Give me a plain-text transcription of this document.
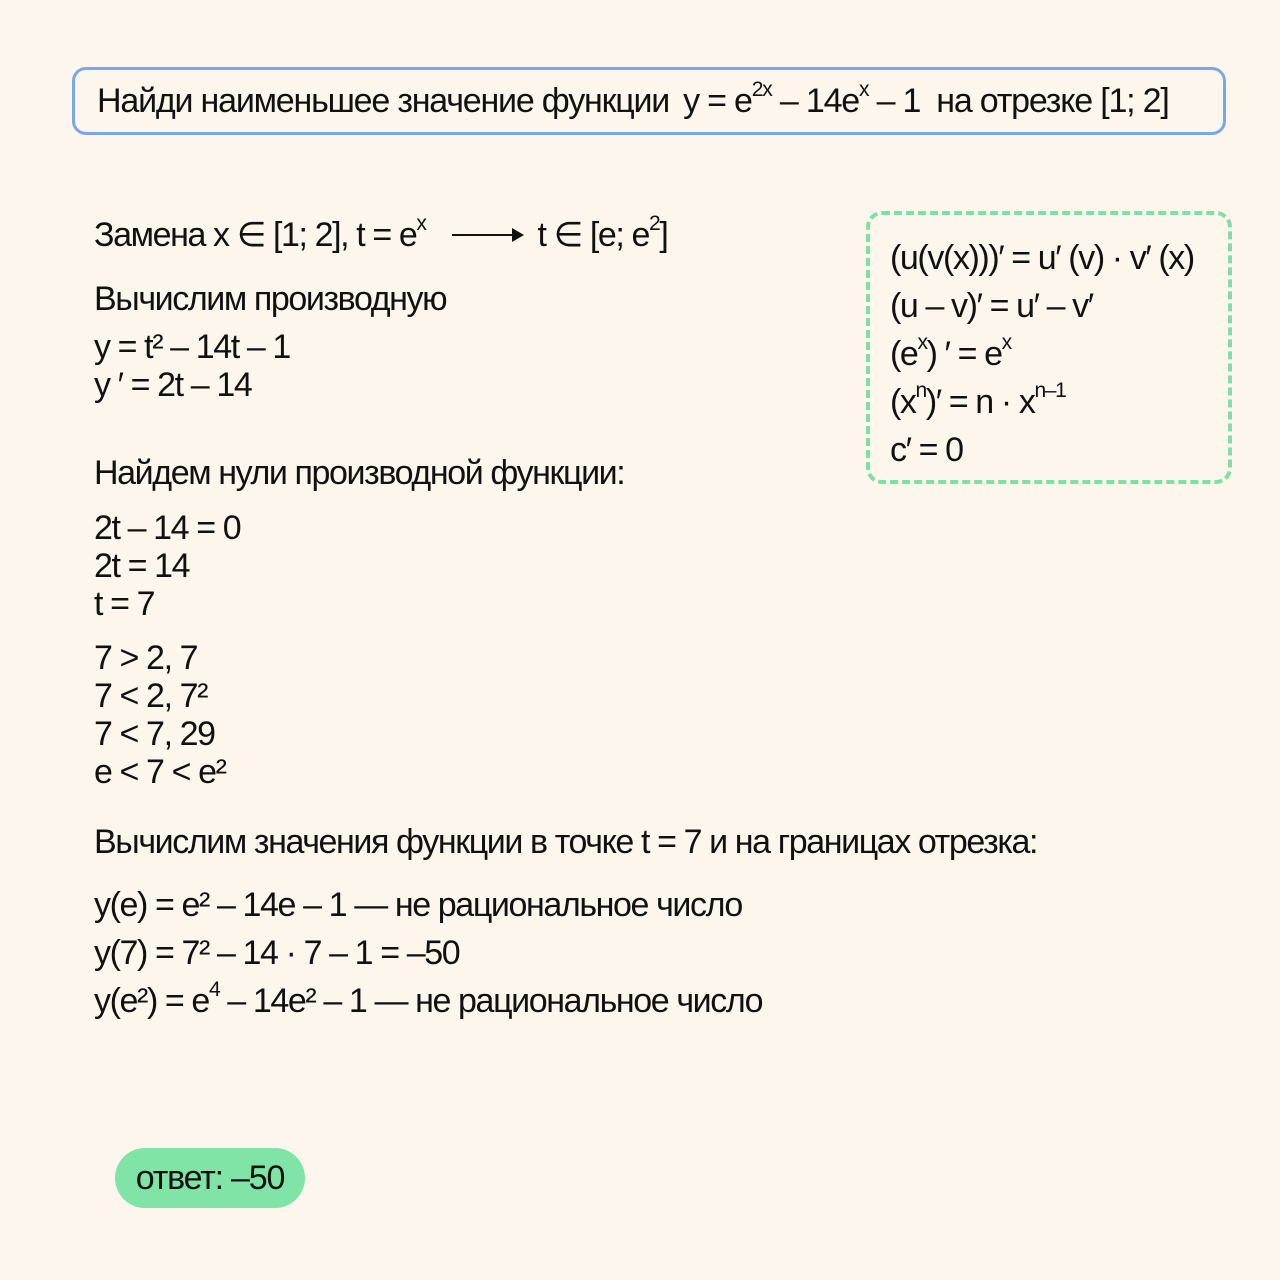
Найди наименьшее значение функции $y = e^{2x} - 14e^x - 1$ на отрезке [1; 2]
Замена x ∈ [1; 2], $t = e^x$	t ∈ [e; $e^2$]
Вычислим производную
y = t² – 14t – 1
y ′ = 2t – 14
Найдем нули производной функции:
2t – 14 = 0
2t = 14
t = 7
7 > 2, 7
7 < 2, 7²
7 < 7, 29
e < 7 < e²
Вычислим значения функции в точке t = 7 и на границах отрезка:
y(e) = e² – 14e – 1 — не рациональное число
y(7) = 7² – 14 · 7 – 1 = –50
$y(e^2) = e^4 - 14e^2 - 1$ — не рациональное число
(u(v(x)))′ = u′ (v) · v′ (x)
(u – v)′ = u′ – v′
$(e^x)$ ′ = $e^x$
$(x^n)' = n \cdot x^{n-1}$
c′ = 0
ответ: –50
